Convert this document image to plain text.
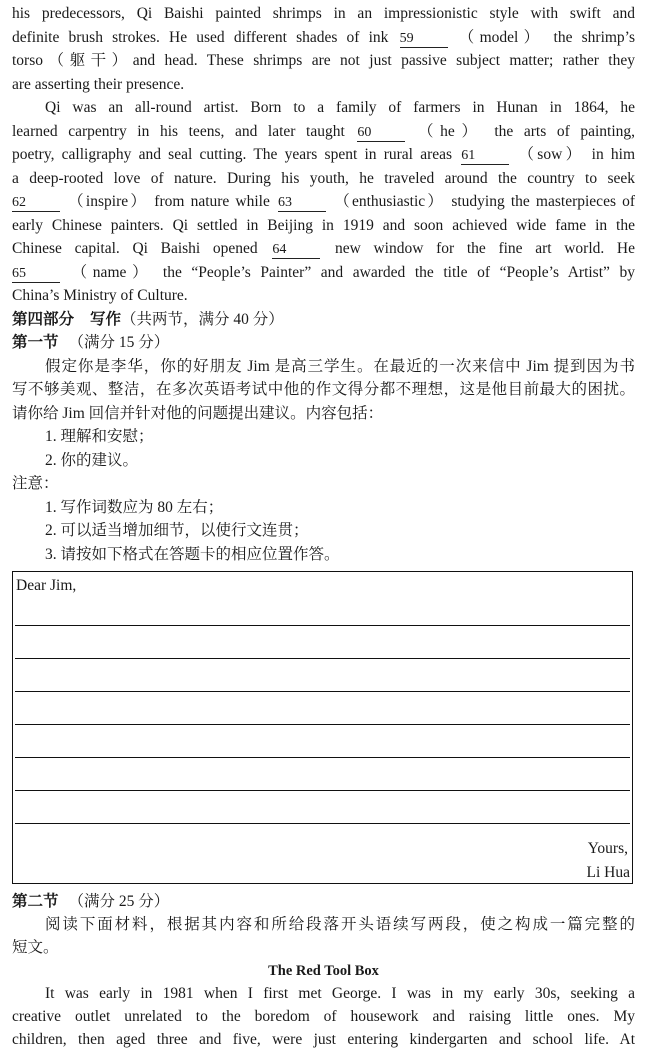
his predecessors, Qi Baishi painted shrimps in an impressionistic style with swift and
definite brush strokes. He used different shades of ink 59	（model） the shrimp’s
torso（躯干）and head. These shrimps are not just passive subject matter; rather they
are asserting their presence.
Qi was an all-round artist. Born to a family of farmers in Hunan in 1864, he
learned carpentry in his teens, and later taught 60	（he） the arts of painting,
poetry, calligraphy and seal cutting. The years spent in rural areas 61	（sow） in him
a deep-rooted love of nature. During his youth, he traveled around the country to seek
62	（inspire） from nature while 63	（enthusiastic） studying the masterpieces of
early Chinese painters. Qi settled in Beijing in 1919 and soon achieved wide fame in the
Chinese capital. Qi Baishi opened 64	new window for the fine art world. He
65	（name） the “People’s Painter” and awarded the title of “People’s Artist” by
China’s Ministry of Culture.
第四部分 写作（共两节，满分 40 分）
第一节 （满分 15 分）
假定你是李华，你的好朋友 Jim 是高三学生。在最近的一次来信中 Jim 提到因为书
写不够美观、整洁，在多次英语考试中他的作文得分都不理想，这是他目前最大的困扰。
请你给 Jim 回信并针对他的问题提出建议。内容包括：
1. 理解和安慰；
2. 你的建议。
注意：
1. 写作词数应为 80 左右；
2. 可以适当增加细节，以使行文连贯；
3. 请按如下格式在答题卡的相应位置作答。
Dear Jim,
Yours,
Li Hua
第二节 （满分 25 分）
阅读下面材料，根据其内容和所给段落开头语续写两段，使之构成一篇完整的
短文。
The Red Tool Box
It was early in 1981 when I first met George. I was in my early 30s, seeking a
creative outlet unrelated to the boredom of housework and raising little ones. My
children, then aged three and five, were just entering kindergarten and school life. At
